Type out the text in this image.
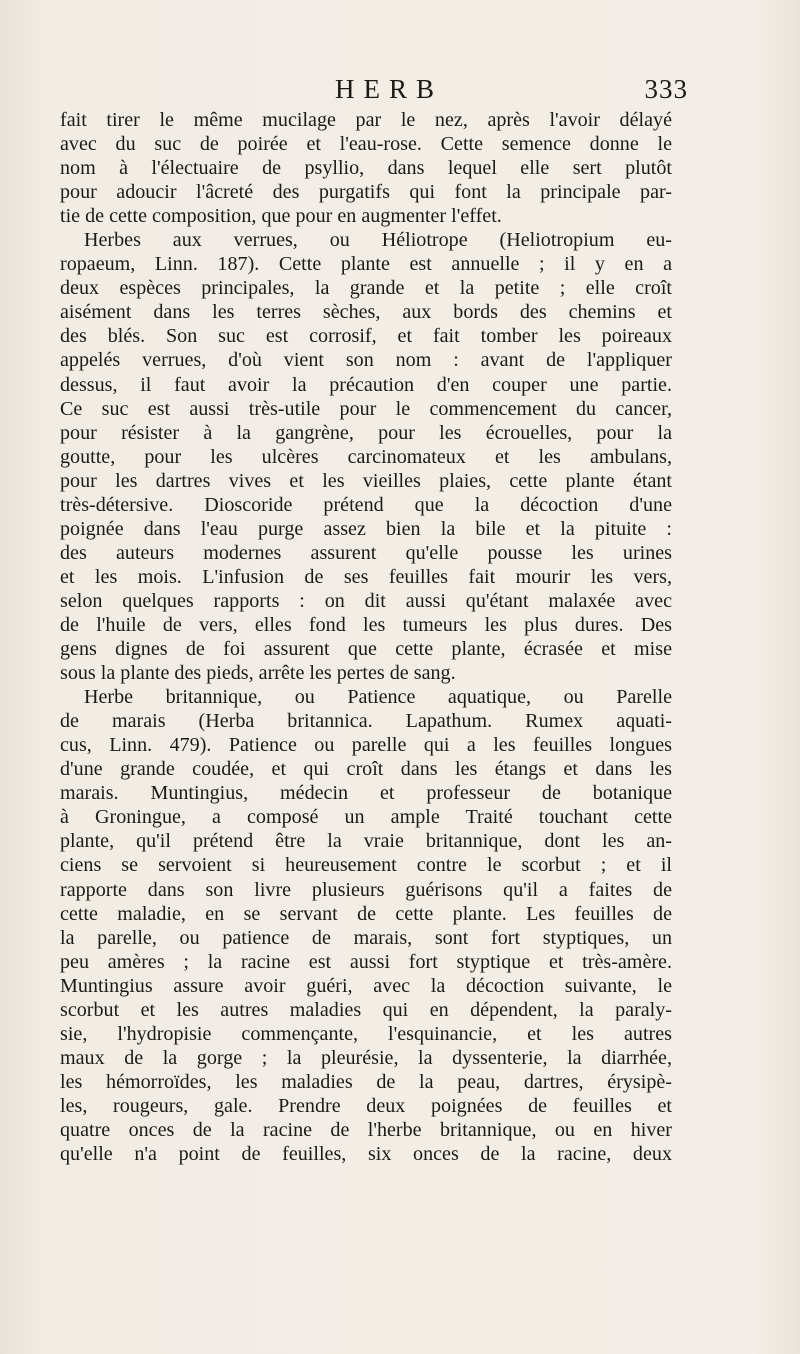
HERB	333
fait tirer le même mucilage par le nez, après l'avoir délayé
avec du suc de poirée et l'eau-rose. Cette semence donne le
nom à l'électuaire de psyllio, dans lequel elle sert plutôt
pour adoucir l'âcreté des purgatifs qui font la principale par-
tie de cette composition, que pour en augmenter l'effet.
Herbes aux verrues, ou Héliotrope (Heliotropium eu-
ropaeum, Linn. 187). Cette plante est annuelle ; il y en a
deux espèces principales, la grande et la petite ; elle croît
aisément dans les terres sèches, aux bords des chemins et
des blés. Son suc est corrosif, et fait tomber les poireaux
appelés verrues, d'où vient son nom : avant de l'appliquer
dessus, il faut avoir la précaution d'en couper une partie.
Ce suc est aussi très-utile pour le commencement du cancer,
pour résister à la gangrène, pour les écrouelles, pour la
goutte, pour les ulcères carcinomateux et les ambulans,
pour les dartres vives et les vieilles plaies, cette plante étant
très-détersive. Dioscoride prétend que la décoction d'une
poignée dans l'eau purge assez bien la bile et la pituite :
des auteurs modernes assurent qu'elle pousse les urines
et les mois. L'infusion de ses feuilles fait mourir les vers,
selon quelques rapports : on dit aussi qu'étant malaxée avec
de l'huile de vers, elles fond les tumeurs les plus dures. Des
gens dignes de foi assurent que cette plante, écrasée et mise
sous la plante des pieds, arrête les pertes de sang.
Herbe britannique, ou Patience aquatique, ou Parelle
de marais (Herba britannica. Lapathum. Rumex aquati-
cus, Linn. 479). Patience ou parelle qui a les feuilles longues
d'une grande coudée, et qui croît dans les étangs et dans les
marais. Muntingius, médecin et professeur de botanique
à Groningue, a composé un ample Traité touchant cette
plante, qu'il prétend être la vraie britannique, dont les an-
ciens se servoient si heureusement contre le scorbut ; et il
rapporte dans son livre plusieurs guérisons qu'il a faites de
cette maladie, en se servant de cette plante. Les feuilles de
la parelle, ou patience de marais, sont fort styptiques, un
peu amères ; la racine est aussi fort styptique et très-amère.
Muntingius assure avoir guéri, avec la décoction suivante, le
scorbut et les autres maladies qui en dépendent, la paraly-
sie, l'hydropisie commençante, l'esquinancie, et les autres
maux de la gorge ; la pleurésie, la dyssenterie, la diarrhée,
les hémorroïdes, les maladies de la peau, dartres, érysipè-
les, rougeurs, gale. Prendre deux poignées de feuilles et
quatre onces de la racine de l'herbe britannique, ou en hiver
qu'elle n'a point de feuilles, six onces de la racine, deux
